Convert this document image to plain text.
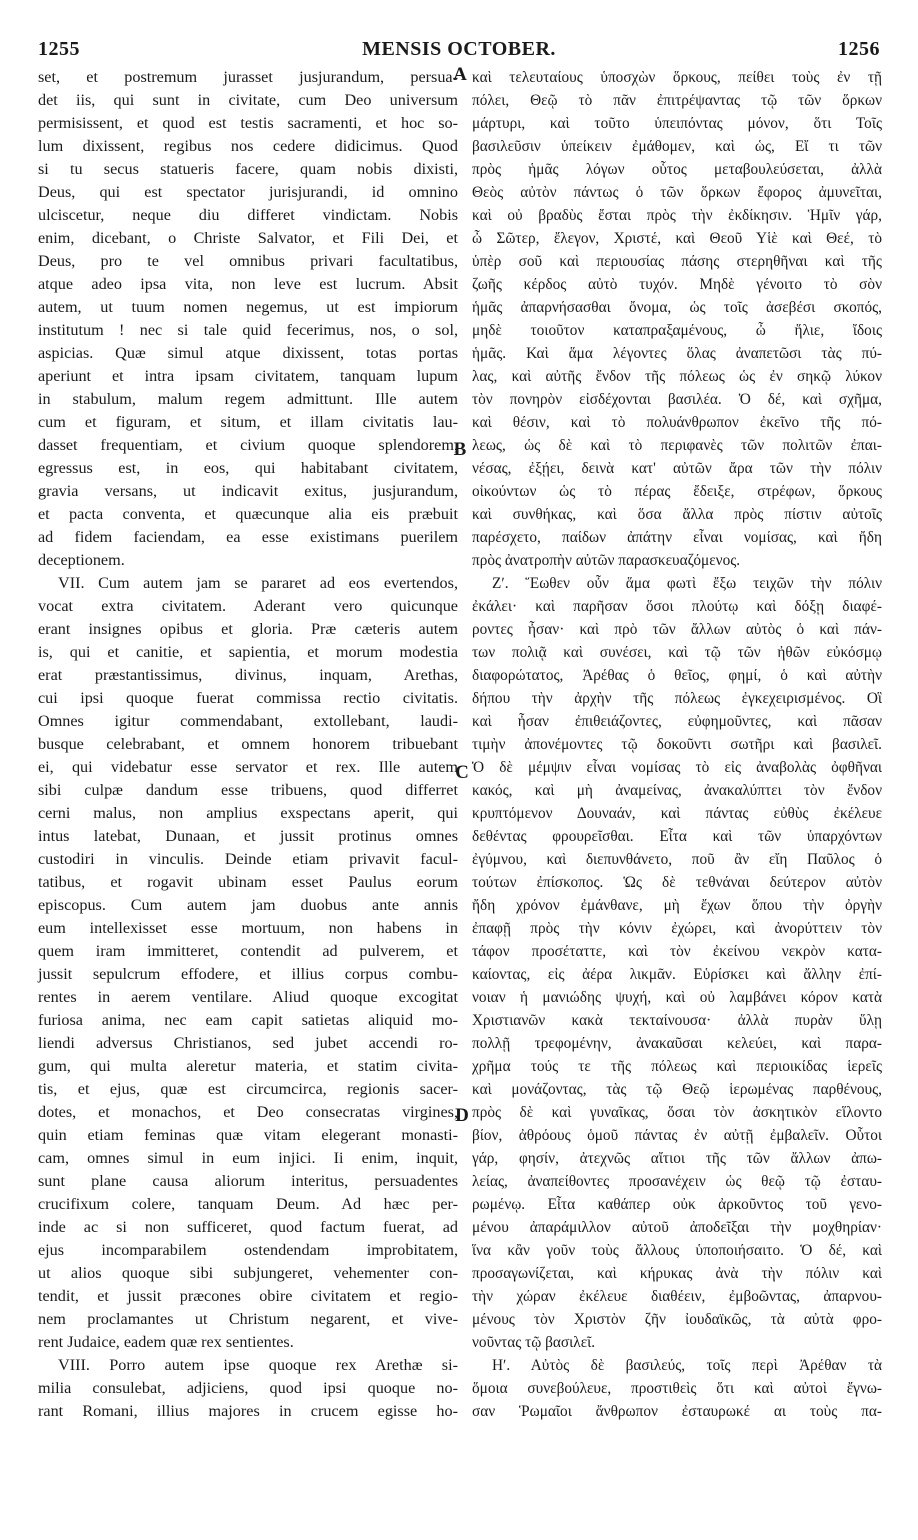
1255	MENSIS OCTOBER.	1256
set, et postremum jurasset jusjurandum, persua-
det iis, qui sunt in civitate, cum Deo universum
permisissent, et quod est testis sacramenti, et hoc so-
lum dixissent, regibus nos cedere didicimus. Quod
si tu secus statueris facere, quam nobis dixisti,
Deus, qui est spectator jurisjurandi, id omnino
ulciscetur, neque diu differet vindictam. Nobis
enim, dicebant, o Christe Salvator, et Fili Dei, et
Deus, pro te vel omnibus privari facultatibus,
atque adeo ipsa vita, non leve est lucrum. Absit
autem, ut tuum nomen negemus, ut est impiorum
institutum ! nec si tale quid fecerimus, nos, o sol,
aspicias. Quæ simul atque dixissent, totas portas
aperiunt et intra ipsam civitatem, tanquam lupum
in stabulum, malum regem admittunt. Ille autem
cum et figuram, et situm, et illam civitatis lau-
dasset frequentiam, et civium quoque splendorem,
egressus est, in eos, qui habitabant civitatem,
gravia versans, ut indicavit exitus, jusjurandum,
et pacta conventa, et quæcunque alia eis præbuit
ad fidem faciendam, ea esse existimans puerilem
deceptionem.
VII. Cum autem jam se pararet ad eos evertendos,
vocat extra civitatem. Aderant vero quicunque
erant insignes opibus et gloria. Præ cæteris autem
is, qui et canitie, et sapientia, et morum modestia
erat præstantissimus, divinus, inquam, Arethas,
cui ipsi quoque fuerat commissa rectio civitatis.
Omnes igitur commendabant, extollebant, laudi-
busque celebrabant, et omnem honorem tribuebant
ei, qui videbatur esse servator et rex. Ille autem
sibi culpæ dandum esse tribuens, quod differret
cerni malus, non amplius exspectans aperit, qui
intus latebat, Dunaan, et jussit protinus omnes
custodiri in vinculis. Deinde etiam privavit facul-
tatibus, et rogavit ubinam esset Paulus eorum
episcopus. Cum autem jam duobus ante annis
eum intellexisset esse mortuum, non habens in
quem iram immitteret, contendit ad pulverem, et
jussit sepulcrum effodere, et illius corpus combu-
rentes in aerem ventilare. Aliud quoque excogitat
furiosa anima, nec eam capit satietas aliquid mo-
liendi adversus Christianos, sed jubet accendi ro-
gum, qui multa aleretur materia, et statim civita-
tis, et ejus, quæ est circumcirca, regionis sacer-
dotes, et monachos, et Deo consecratas virgines,
quin etiam feminas quæ vitam elegerant monasti-
cam, omnes simul in eum injici. Ii enim, inquit,
sunt plane causa aliorum interitus, persuadentes
crucifixum colere, tanquam Deum. Ad hæc per-
inde ac si non sufficeret, quod factum fuerat, ad
ejus incomparabilem ostendendam improbitatem,
ut alios quoque sibi subjungeret, vehementer con-
tendit, et jussit præcones obire civitatem et regio-
nem proclamantes ut Christum negarent, et vive-
rent Judaice, eadem quæ rex sentientes.
VIII. Porro autem ipse quoque rex Arethæ si-
milia consulebat, adjiciens, quod ipsi quoque no-
rant Romani, illius majores in crucem egisse ho-
καὶ τελευταίους ὑποσχὼν ὅρκους, πείθει τοὺς ἐν τῇ
πόλει, Θεῷ τὸ πᾶν ἐπιτρέψαντας τῷ τῶν ὅρκων
μάρτυρι, καὶ τοῦτο ὑπειπόντας μόνον, ὅτι Τοῖς
βασιλεῦσιν ὑπείκειν ἐμάθομεν, καὶ ὡς, Εἴ τι τῶν
πρὸς ἡμᾶς λόγων οὗτος μεταβουλεύσεται, ἀλλὰ
Θεὸς αὐτὸν πάντως ὁ τῶν ὅρκων ἔφορος ἀμυνεῖται,
καὶ οὐ βραδὺς ἔσται πρὸς τὴν ἐκδίκησιν. Ἡμῖν γάρ,
ὦ Σῶτερ, ἔλεγον, Χριστέ, καὶ Θεοῦ Υἱὲ καὶ Θεέ, τὸ
ὑπὲρ σοῦ καὶ περιουσίας πάσης στερηθῆναι καὶ τῆς
ζωῆς κέρδος αὐτὸ τυχόν. Μηδὲ γένοιτο τὸ σὸν
ἡμᾶς ἀπαρνήσασθαι ὄνομα, ὡς τοῖς ἀσεβέσι σκοπός,
μηδὲ τοιοῦτον καταπραξαμένους, ὦ ἥλιε, ἴδοις
ἡμᾶς. Καὶ ἅμα λέγοντες ὅλας ἀναπετῶσι τὰς πύ-
λας, καὶ αὐτῆς ἔνδον τῆς πόλεως ὡς ἐν σηκῷ λύκον
τὸν πονηρὸν εἰσδέχονται βασιλέα. Ὁ δέ, καὶ σχῆμα,
καὶ θέσιν, καὶ τὸ πολυάνθρωπον ἐκεῖνο τῆς πό-
λεως, ὡς δὲ καὶ τὸ περιφανὲς τῶν πολιτῶν ἐπαι-
νέσας, ἐξῄει, δεινὰ κατ' αὐτῶν ἄρα τῶν τὴν πόλιν
οἰκούντων ὡς τὸ πέρας ἔδειξε, στρέφων, ὅρκους
καὶ συνθήκας, καὶ ὅσα ἄλλα πρὸς πίστιν αὐτοῖς
παρέσχετο, παίδων ἀπάτην εἶναι νομίσας, καὶ ἤδη
πρὸς ἀνατροπὴν αὐτῶν παρασκευαζόμενος.
Ζʹ. Ἕωθεν οὖν ἅμα φωτὶ ἔξω τειχῶν τὴν πόλιν
ἐκάλει· καὶ παρῆσαν ὅσοι πλούτῳ καὶ δόξῃ διαφέ-
ροντες ἦσαν· καὶ πρὸ τῶν ἄλλων αὐτὸς ὁ καὶ πάν-
των πολιᾷ καὶ συνέσει, καὶ τῷ τῶν ἠθῶν εὐκόσμῳ
διαφορώτατος, Ἀρέθας ὁ θεῖος, φημί, ὁ καὶ αὐτὴν
δήπου τὴν ἀρχὴν τῆς πόλεως ἐγκεχειρισμένος. Οἳ
καὶ ἦσαν ἐπιθειάζοντες, εὐφημοῦντες, καὶ πᾶσαν
τιμὴν ἀπονέμοντες τῷ δοκοῦντι σωτῆρι καὶ βασιλεῖ.
Ὁ δὲ μέμψιν εἶναι νομίσας τὸ εἰς ἀναβολὰς ὀφθῆναι
κακός, καὶ μὴ ἀναμείνας, ἀνακαλύπτει τὸν ἔνδον
κρυπτόμενον Δουναάν, καὶ πάντας εὐθὺς ἐκέλευε
δεθέντας φρουρεῖσθαι. Εἶτα καὶ τῶν ὑπαρχόντων
ἐγύμνου, καὶ διεπυνθάνετο, ποῦ ἂν εἴη Παῦλος ὁ
τούτων ἐπίσκοπος. Ὡς δὲ τεθνάναι δεύτερον αὐτὸν
ἤδη χρόνον ἐμάνθανε, μὴ ἔχων ὅπου τὴν ὀργὴν
ἐπαφῇ πρὸς τὴν κόνιν ἐχώρει, καὶ ἀνορύττειν τὸν
τάφον προσέταττε, καὶ τὸν ἐκείνου νεκρὸν κατα-
καίοντας, εἰς ἀέρα λικμᾶν. Εὑρίσκει καὶ ἄλλην ἐπί-
νοιαν ἡ μανιώδης ψυχή, καὶ οὐ λαμβάνει κόρον κατὰ
Χριστιανῶν κακὰ τεκταίνουσα· ἀλλὰ πυρὰν ὕλῃ
πολλῇ τρεφομένην, ἀνακαῦσαι κελεύει, καὶ παρα-
χρῆμα τούς τε τῆς πόλεως καὶ περιοικίδας ἱερεῖς
καὶ μονάζοντας, τὰς τῷ Θεῷ ἱερωμένας παρθένους,
πρὸς δὲ καὶ γυναῖκας, ὅσαι τὸν ἀσκητικὸν εἵλοντο
βίον, ἀθρόους ὁμοῦ πάντας ἐν αὐτῇ ἐμβαλεῖν. Οὗτοι
γάρ, φησίν, ἀτεχνῶς αἴτιοι τῆς τῶν ἄλλων ἀπω-
λείας, ἀναπείθοντες προσανέχειν ὡς θεῷ τῷ ἐσταυ-
ρωμένῳ. Εἶτα καθάπερ οὐκ ἀρκοῦντος τοῦ γενο-
μένου ἀπαράμιλλον αὐτοῦ ἀποδεῖξαι τὴν μοχθηρίαν·
ἵνα κἂν γοῦν τοὺς ἄλλους ὑποποιήσαιτο. Ὁ δέ, καὶ
προσαγωνίζεται, καὶ κήρυκας ἀνὰ τὴν πόλιν καὶ
τὴν χώραν ἐκέλευε διαθέειν, ἐμβοῶντας, ἀπαρνου-
μένους τὸν Χριστὸν ζῆν ἰουδαϊκῶς, τὰ αὐτὰ φρο-
νοῦντας τῷ βασιλεῖ.
Ηʹ. Αὐτὸς δὲ βασιλεύς, τοῖς περὶ Ἀρέθαν τὰ
ὅμοια συνεβούλευε, προστιθεὶς ὅτι καὶ αὐτοὶ ἔγνω-
σαν Ῥωμαῖοι ἄνθρωπον ἐσταυρωκέ αι τοὺς πα-
A
B
C
D
